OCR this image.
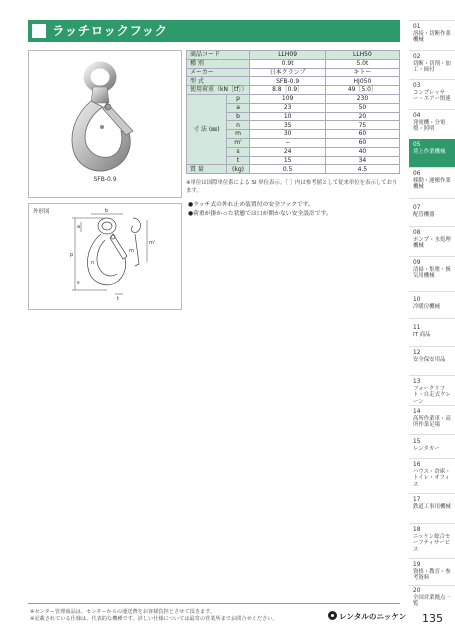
ラッチロックフック
SFB-0.9
商品コード		LLH09	LLH50
種 別		0.9t	5.0t
メーカー		日本クランプ	キトー
型 式		SFB-0.9	HJ050
使用荷重（kN［tf］）		8.8［0.9］	49［5.0］
寸 法 (㎜)	p	109	230
	a	23	50
	b	10	20
	n	35	75
	m	30	60
	m'	−	60
	s	24	40
	t	15	34
質 量	(kg)	0.5	4.5
※単位は国際単位系による SI 単位表示。［ ］内は参考値として従来単位を表示しております。
外形図
p
a
b
n
m
s
t
m'
●ラッチ式の外れ止め装置付の安全フックです。
●荷重が掛かった状態では口が開かない安全設計です。
01
溶接・切断作業機械
02
切断・切削・加工・締付
03
コンプレッサー・エアー関連
04
発電機・分電盤・照明
05
荷上作業機械
06
移動・運搬作業機械
07
配管機器
08
ポンプ・水処理機械
09
清掃・集塵・換気用機械
10
冷暖房機械
11
IT 商品
12
安全保安用品
13
フォークリフト・自走式クレーン
14
高所作業車・高所作業足場
15
レンタカー
16
ハウス・倉庫・トイレ・オフィス
17
鉄道工事用機械
18
ニッケン総合セーフティサービス
19
資格・教育・参考資料
20
全国営業拠点一覧
※センター管理商品は、センターからの運送費をお客様負担とさせて頂きます。
※記載されている仕様は、代表的な機種です。詳しい仕様については最寄の営業所までお問合せください。	レンタルのニッケン 135
